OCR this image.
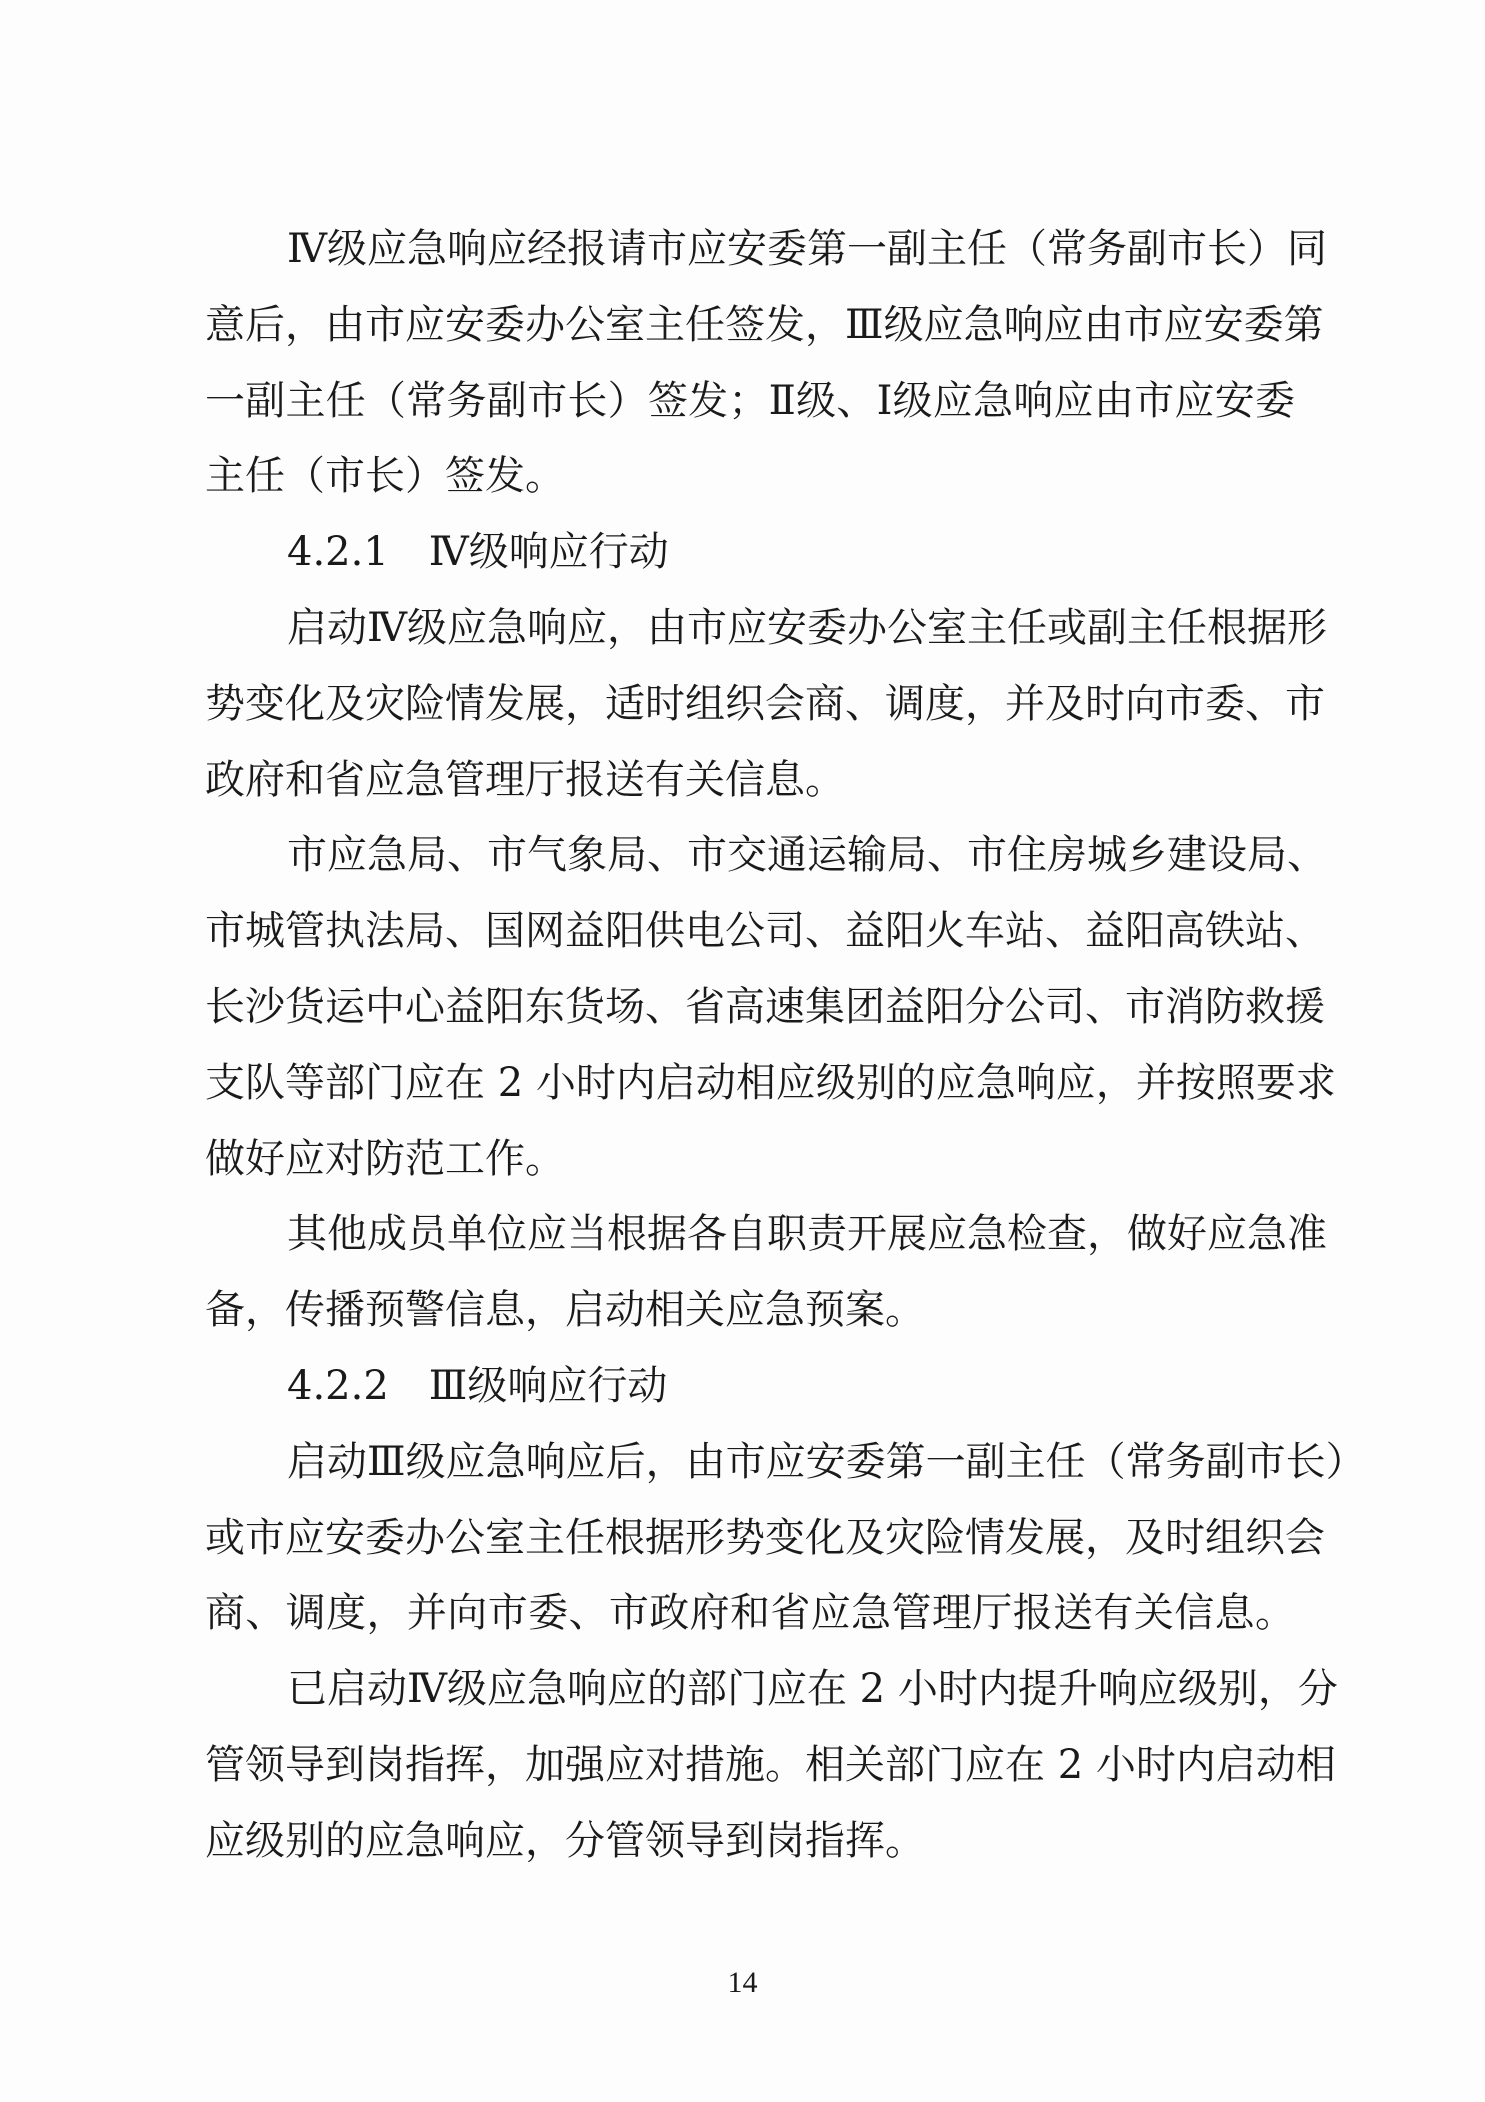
Ⅳ级应急响应经报请市应安委第一副主任（常务副市长）同
意后，由市应安委办公室主任签发，Ⅲ级应急响应由市应安委第
一副主任（常务副市长）签发；Ⅱ级、Ⅰ级应急响应由市应安委
主任（市长）签发。
4.2.1　Ⅳ级响应行动
启动Ⅳ级应急响应，由市应安委办公室主任或副主任根据形
势变化及灾险情发展，适时组织会商、调度，并及时向市委、市
政府和省应急管理厅报送有关信息。
市应急局、市气象局、市交通运输局、市住房城乡建设局、
市城管执法局、国网益阳供电公司、益阳火车站、益阳高铁站、
长沙货运中心益阳东货场、省高速集团益阳分公司、市消防救援
支队等部门应在 2 小时内启动相应级别的应急响应，并按照要求
做好应对防范工作。
其他成员单位应当根据各自职责开展应急检查，做好应急准
备，传播预警信息，启动相关应急预案。
4.2.2　Ⅲ级响应行动
启动Ⅲ级应急响应后，由市应安委第一副主任（常务副市长）
或市应安委办公室主任根据形势变化及灾险情发展，及时组织会
商、调度，并向市委、市政府和省应急管理厅报送有关信息。
已启动Ⅳ级应急响应的部门应在 2 小时内提升响应级别，分
管领导到岗指挥，加强应对措施。相关部门应在 2 小时内启动相
应级别的应急响应，分管领导到岗指挥。
14
